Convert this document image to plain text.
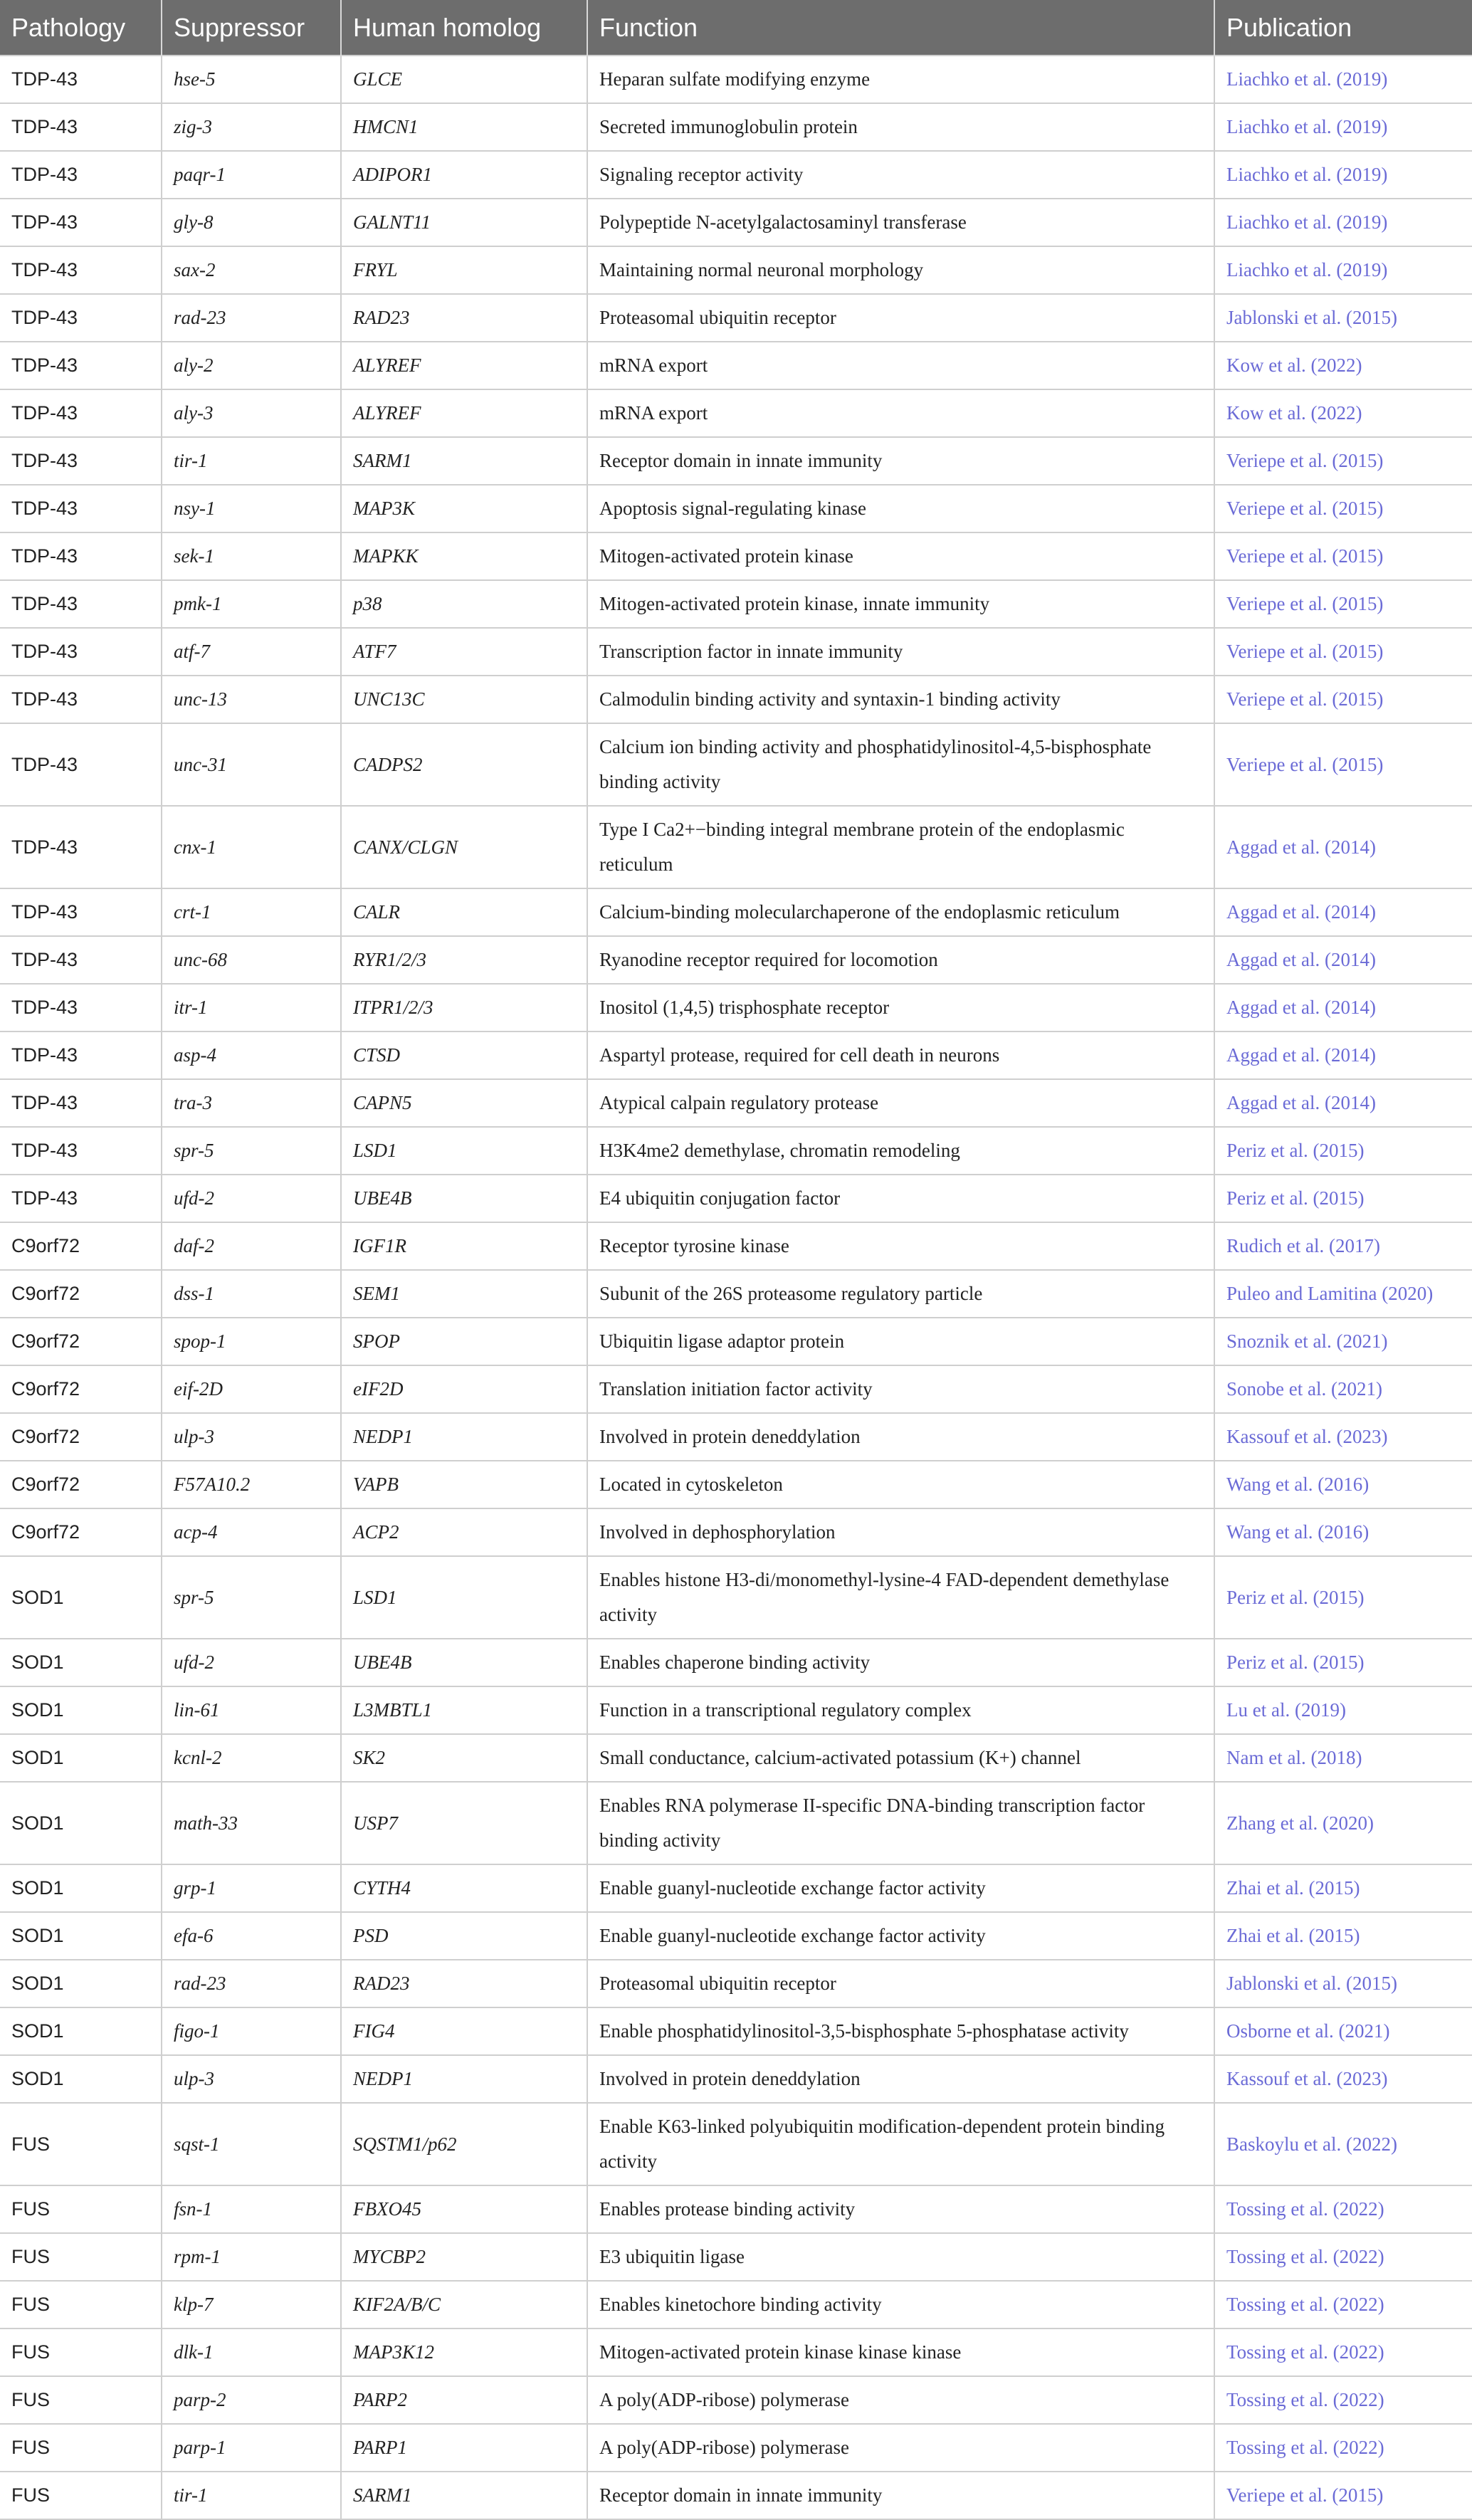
Pathology	Suppressor	Human homolog	Function	Publication
TDP-43	hse-5	GLCE	Heparan sulfate modifying enzyme	Liachko et al. (2019)
TDP-43	zig-3	HMCN1	Secreted immunoglobulin protein	Liachko et al. (2019)
TDP-43	paqr-1	ADIPOR1	Signaling receptor activity	Liachko et al. (2019)
TDP-43	gly-8	GALNT11	Polypeptide N-acetylgalactosaminyl transferase	Liachko et al. (2019)
TDP-43	sax-2	FRYL	Maintaining normal neuronal morphology	Liachko et al. (2019)
TDP-43	rad-23	RAD23	Proteasomal ubiquitin receptor	Jablonski et al. (2015)
TDP-43	aly-2	ALYREF	mRNA export	Kow et al. (2022)
TDP-43	aly-3	ALYREF	mRNA export	Kow et al. (2022)
TDP-43	tir-1	SARM1	Receptor domain in innate immunity	Veriepe et al. (2015)
TDP-43	nsy-1	MAP3K	Apoptosis signal-regulating kinase	Veriepe et al. (2015)
TDP-43	sek-1	MAPKK	Mitogen-activated protein kinase	Veriepe et al. (2015)
TDP-43	pmk-1	p38	Mitogen-activated protein kinase, innate immunity	Veriepe et al. (2015)
TDP-43	atf-7	ATF7	Transcription factor in innate immunity	Veriepe et al. (2015)
TDP-43	unc-13	UNC13C	Calmodulin binding activity and syntaxin-1 binding activity	Veriepe et al. (2015)
TDP-43	unc-31	CADPS2	Calcium ion binding activity and phosphatidylinositol-4,5-bisphosphate binding activity	Veriepe et al. (2015)
TDP-43	cnx-1	CANX/CLGN	Type I Ca2+−binding integral membrane protein of the endoplasmic reticulum	Aggad et al. (2014)
TDP-43	crt-1	CALR	Calcium-binding molecularchaperone of the endoplasmic reticulum	Aggad et al. (2014)
TDP-43	unc-68	RYR1/2/3	Ryanodine receptor required for locomotion	Aggad et al. (2014)
TDP-43	itr-1	ITPR1/2/3	Inositol (1,4,5) trisphosphate receptor	Aggad et al. (2014)
TDP-43	asp-4	CTSD	Aspartyl protease, required for cell death in neurons	Aggad et al. (2014)
TDP-43	tra-3	CAPN5	Atypical calpain regulatory protease	Aggad et al. (2014)
TDP-43	spr-5	LSD1	H3K4me2 demethylase, chromatin remodeling	Periz et al. (2015)
TDP-43	ufd-2	UBE4B	E4 ubiquitin conjugation factor	Periz et al. (2015)
C9orf72	daf-2	IGF1R	Receptor tyrosine kinase	Rudich et al. (2017)
C9orf72	dss-1	SEM1	Subunit of the 26S proteasome regulatory particle	Puleo and Lamitina (2020)
C9orf72	spop-1	SPOP	Ubiquitin ligase adaptor protein	Snoznik et al. (2021)
C9orf72	eif-2D	eIF2D	Translation initiation factor activity	Sonobe et al. (2021)
C9orf72	ulp-3	NEDP1	Involved in protein deneddylation	Kassouf et al. (2023)
C9orf72	F57A10.2	VAPB	Located in cytoskeleton	Wang et al. (2016)
C9orf72	acp-4	ACP2	Involved in dephosphorylation	Wang et al. (2016)
SOD1	spr-5	LSD1	Enables histone H3-di/monomethyl-lysine-4 FAD-dependent demethylase activity	Periz et al. (2015)
SOD1	ufd-2	UBE4B	Enables chaperone binding activity	Periz et al. (2015)
SOD1	lin-61	L3MBTL1	Function in a transcriptional regulatory complex	Lu et al. (2019)
SOD1	kcnl-2	SK2	Small conductance, calcium-activated potassium (K+) channel	Nam et al. (2018)
SOD1	math-33	USP7	Enables RNA polymerase II-specific DNA-binding transcription factor binding activity	Zhang et al. (2020)
SOD1	grp-1	CYTH4	Enable guanyl-nucleotide exchange factor activity	Zhai et al. (2015)
SOD1	efa-6	PSD	Enable guanyl-nucleotide exchange factor activity	Zhai et al. (2015)
SOD1	rad-23	RAD23	Proteasomal ubiquitin receptor	Jablonski et al. (2015)
SOD1	figo-1	FIG4	Enable phosphatidylinositol-3,5-bisphosphate 5-phosphatase activity	Osborne et al. (2021)
SOD1	ulp-3	NEDP1	Involved in protein deneddylation	Kassouf et al. (2023)
FUS	sqst-1	SQSTM1/p62	Enable K63-linked polyubiquitin modification-dependent protein binding activity	Baskoylu et al. (2022)
FUS	fsn-1	FBXO45	Enables protease binding activity	Tossing et al. (2022)
FUS	rpm-1	MYCBP2	E3 ubiquitin ligase	Tossing et al. (2022)
FUS	klp-7	KIF2A/B/C	Enables kinetochore binding activity	Tossing et al. (2022)
FUS	dlk-1	MAP3K12	Mitogen-activated protein kinase kinase kinase	Tossing et al. (2022)
FUS	parp-2	PARP2	A poly(ADP-ribose) polymerase	Tossing et al. (2022)
FUS	parp-1	PARP1	A poly(ADP-ribose) polymerase	Tossing et al. (2022)
FUS	tir-1	SARM1	Receptor domain in innate immunity	Veriepe et al. (2015)
